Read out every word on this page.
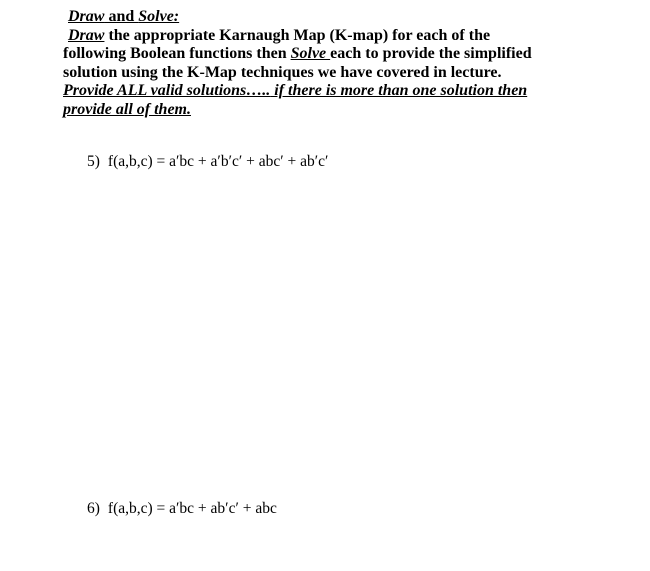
Draw and Solve:
Draw the appropriate Karnaugh Map (K-map) for each of the
following Boolean functions then Solve each to provide the simplified
solution using the K-Map techniques we have covered in lecture.
Provide ALL valid solutions….. if there is more than one solution then
provide all of them.
5) f(a,b,c) = a′bc + a′b′c′ + abc′ + ab′c′
6) f(a,b,c) = a′bc + ab′c′ + abc
